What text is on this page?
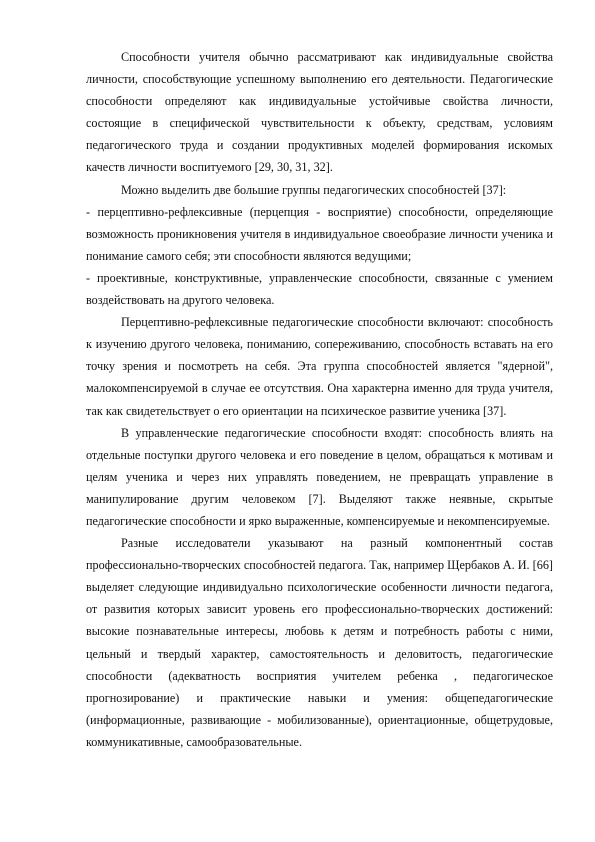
Способности учителя обычно рассматривают как индивидуальные свойства личности, способствующие успешному выполнению его деятельности. Педагогические способности определяют как индивидуальные устойчивые свойства личности, состоящие в специфической чувствительности к объекту, средствам, условиям педагогического труда и создании продуктивных моделей формирования искомых качеств личности воспитуемого [29, 30, 31, 32].

Можно выделить две большие группы педагогических способностей [37]:

- перцептивно-рефлексивные (перцепция - восприятие) способности, определяющие возможность проникновения учителя в индивидуальное своеобразие личности ученика и понимание самого себя; эти способности являются ведущими;

- проективные, конструктивные, управленческие способности, связанные с умением воздействовать на другого человека.

Перцептивно-рефлексивные педагогические способности включают: способность к изучению другого человека, пониманию, сопереживанию, способность вставать на его точку зрения и посмотреть на себя. Эта группа способностей является "ядерной", малокомпенсируемой в случае ее отсутствия. Она характерна именно для труда учителя, так как свидетельствует о его ориентации на психическое развитие ученика [37].

В управленческие педагогические способности входят: способность влиять на отдельные поступки другого человека и его поведение в целом, обращаться к мотивам и целям ученика и через них управлять поведением, не превращать управление в манипулирование другим человеком [7]. Выделяют также неявные, скрытые педагогические способности и ярко выраженные, компенсируемые и некомпенсируемые.

Разные исследователи указывают на разный компонентный состав профессионально-творческих способностей педагога. Так, например Щербаков А. И. [66] выделяет следующие индивидуально психологические особенности личности педагога, от развития которых зависит уровень его профессионально-творческих достижений: высокие познавательные интересы, любовь к детям и потребность работы с ними, цельный и твердый характер, самостоятельность и деловитость, педагогические способности (адекватность восприятия учителем ребенка , педагогическое прогнозирование) и практические навыки и умения: общепедагогические (информационные, развивающие - мобилизованные), ориентационные, общетрудовые, коммуникативные, самообразовательные.
